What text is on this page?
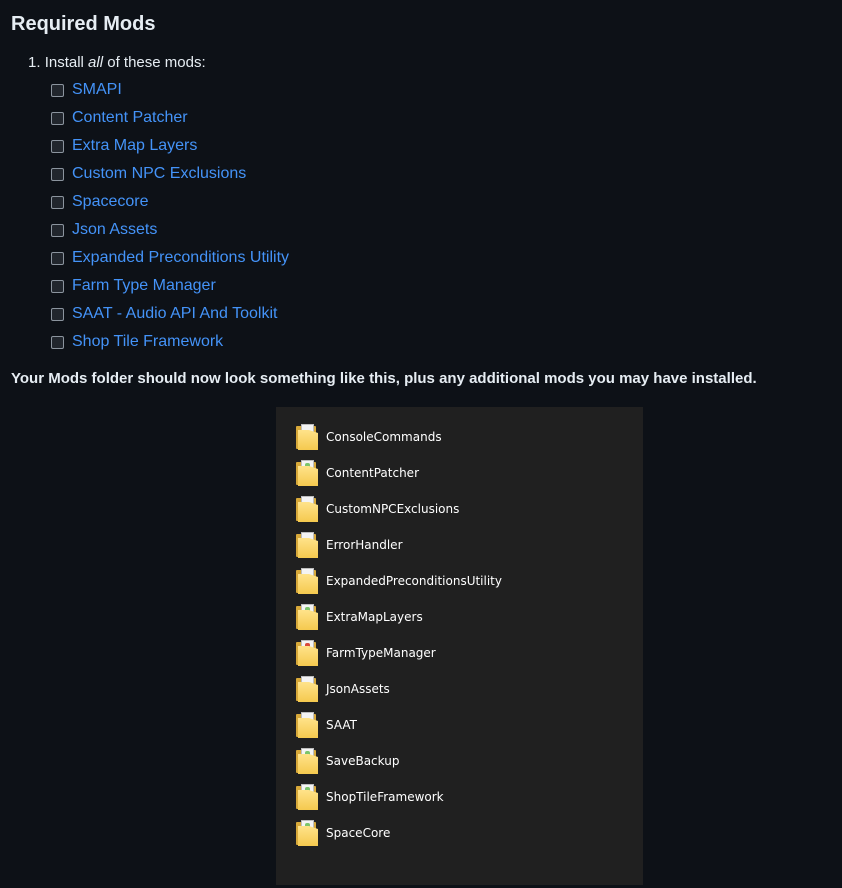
Required Mods
1. Install all of these mods:
SMAPI
Content Patcher
Extra Map Layers
Custom NPC Exclusions
Spacecore
Json Assets
Expanded Preconditions Utility
Farm Type Manager
SAAT - Audio API And Toolkit
Shop Tile Framework

Your Mods folder should now look something like this, plus any additional mods you may have installed.

ConsoleCommands
ContentPatcher
CustomNPCExclusions
ErrorHandler
ExpandedPreconditionsUtility
ExtraMapLayers
FarmTypeManager
JsonAssets
SAAT
SaveBackup
ShopTileFramework
SpaceCore
